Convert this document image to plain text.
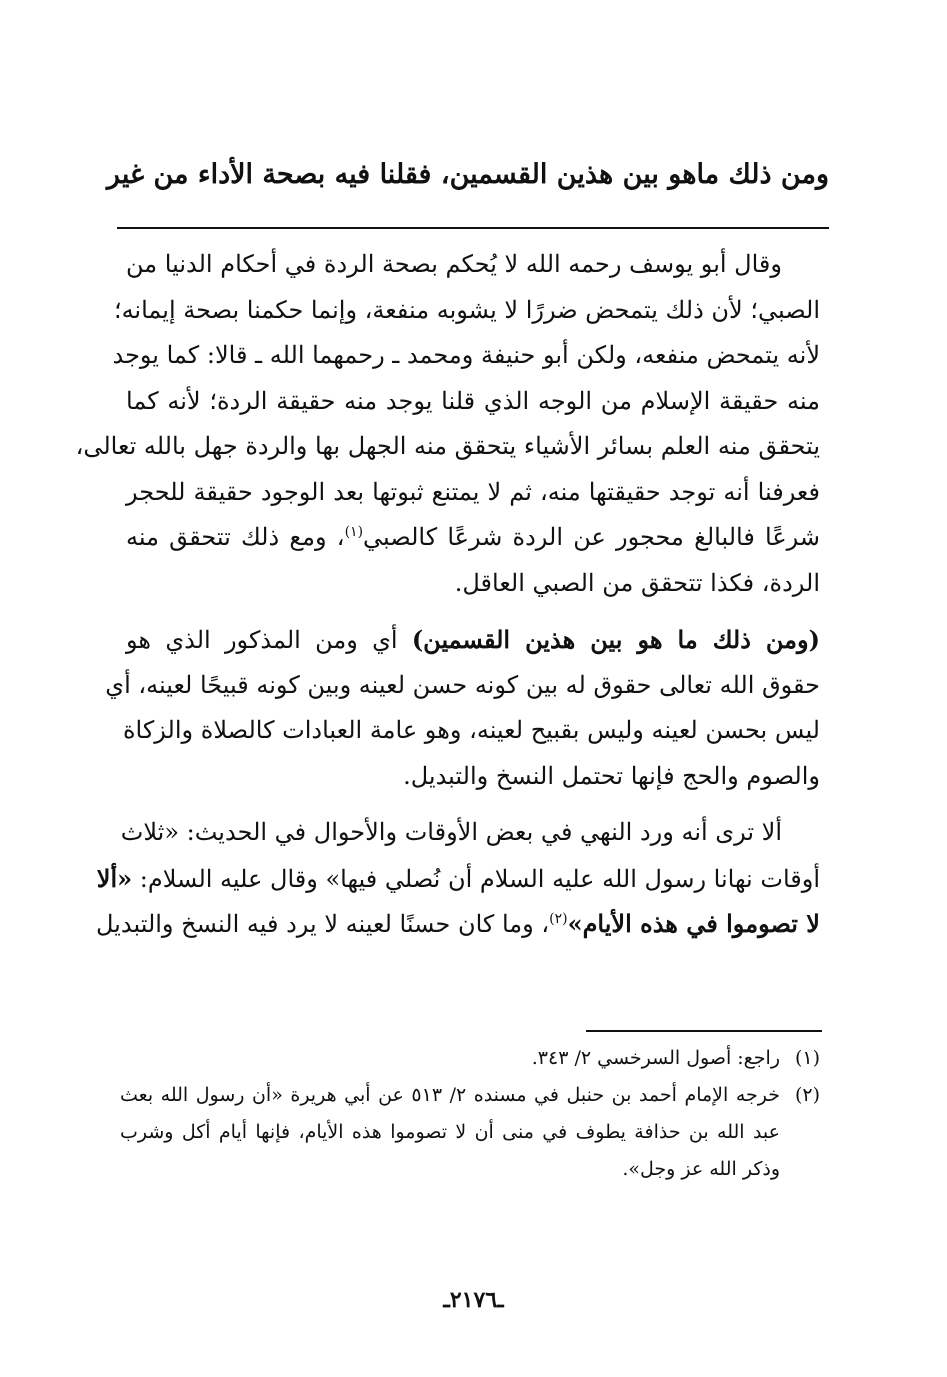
ومن ذلك ماهو بين هذين القسمين، فقلنا فيه بصحة الأداء من غير
وقال أبو يوسف رحمه الله لا يُحكم بصحة الردة في أحكام الدنيا من
الصبي؛ لأن ذلك يتمحض ضررًا لا يشوبه منفعة، وإنما حكمنا بصحة إيمانه؛
لأنه يتمحض منفعه، ولكن أبو حنيفة ومحمد ـ رحمهما الله ـ قالا: كما يوجد
منه حقيقة الإسلام من الوجه الذي قلنا يوجد منه حقيقة الردة؛ لأنه كما
يتحقق منه العلم بسائر الأشياء يتحقق منه الجهل بها والردة جهل بالله تعالى،
فعرفنا أنه توجد حقيقتها منه، ثم لا يمتنع ثبوتها بعد الوجود حقيقة للحجر
شرعًا فالبالغ محجور عن الردة شرعًا كالصبي$^{(١)}$، ومع ذلك تتحقق منه
الردة، فكذا تتحقق من الصبي العاقل.
(ومن ذلك ما هو بين هذين القسمين) أي ومن المذكور الذي هو
حقوق الله تعالى حقوق له بين كونه حسن لعينه وبين كونه قبيحًا لعينه، أي
ليس بحسن لعينه وليس بقبيح لعينه، وهو عامة العبادات كالصلاة والزكاة
والصوم والحج فإنها تحتمل النسخ والتبديل.
ألا ترى أنه ورد النهي في بعض الأوقات والأحوال في الحديث: «ثلاث
أوقات نهانا رسول الله عليه السلام أن نُصلي فيها» وقال عليه السلام: «ألا
لا تصوموا في هذه الأيام»$^{(٢)}$، وما كان حسنًا لعينه لا يرد فيه النسخ والتبديل
(١)راجع: أصول السرخسي ٢/ ٣٤٣.
(٢)خرجه الإمام أحمد بن حنبل في مسنده ٢/ ٥١٣ عن أبي هريرة «أن رسول الله بعث
عبد الله بن حذافة يطوف في منى أن لا تصوموا هذه الأيام، فإنها أيام أكل وشرب
وذكر الله عز وجل».
ـ٢١٧٦ـ
